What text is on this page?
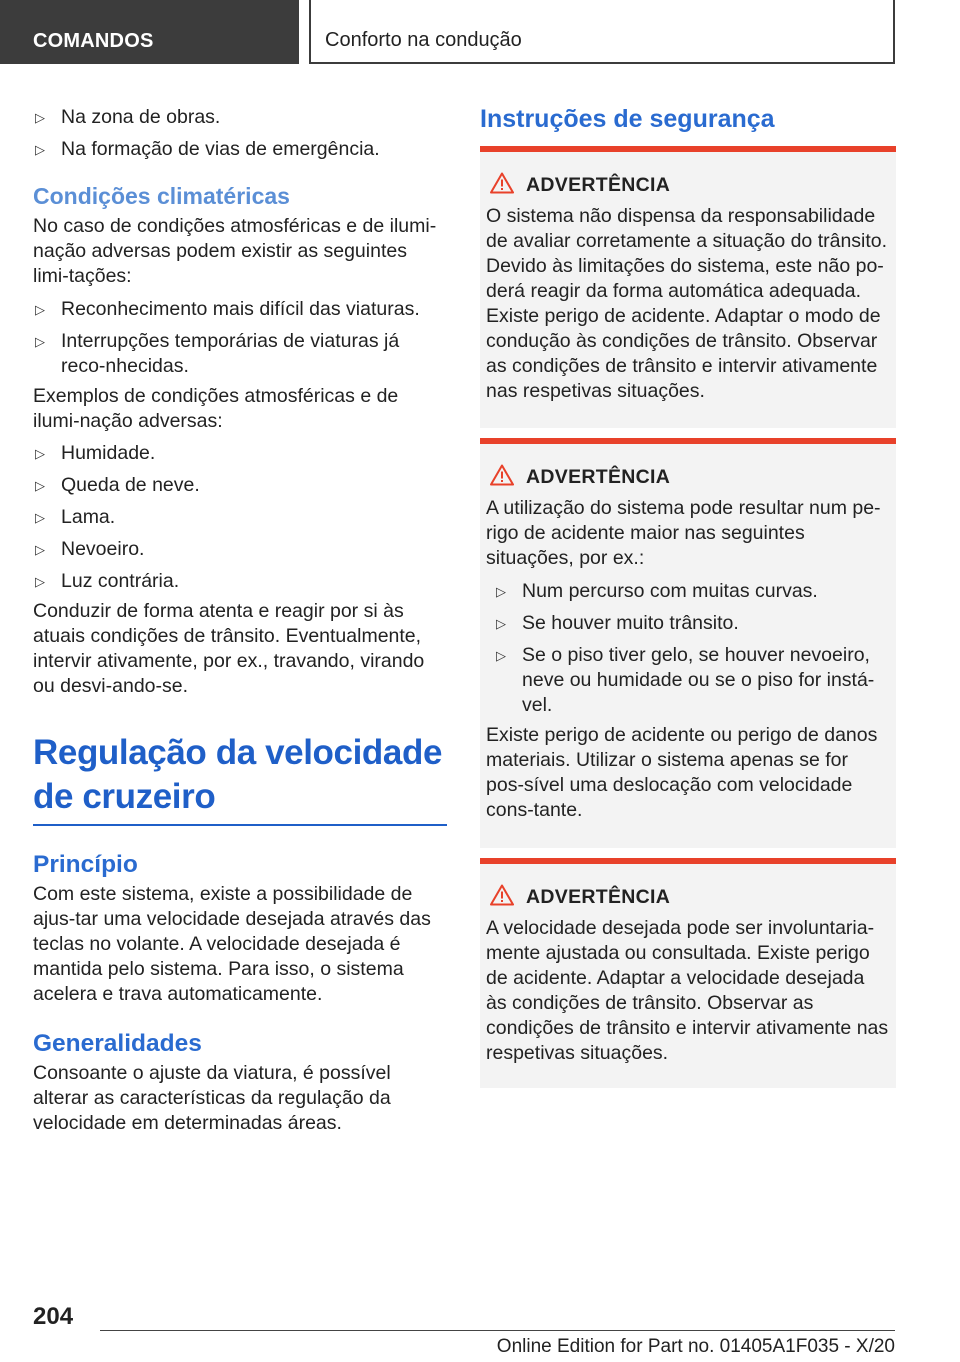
COMANDOS	Conforto na condução
▷ Na zona de obras.
▷ Na formação de vias de emergência.
Condições climatéricas

No caso de condições atmosféricas e de ilumi-nação adversas podem existir as seguintes limi-tações:

▷ Reconhecimento mais difícil das viaturas.
▷ Interrupções temporárias de viaturas já reco-nhecidas.

Exemplos de condições atmosféricas e de ilumi-nação adversas:

▷ Humidade.
▷ Queda de neve.
▷ Lama.
▷ Nevoeiro.
▷ Luz contrária.

Conduzir de forma atenta e reagir por si às atuais condições de trânsito. Eventualmente, intervir ativamente, por ex., travando, virando ou desvi-ando-se.

Regulação da velocidade
de cruzeiro
Princípio

Com este sistema, existe a possibilidade de ajus-tar uma velocidade desejada através das teclas no volante. A velocidade desejada é mantida pelo sistema. Para isso, o sistema acelera e trava automaticamente.

Generalidades

Consoante o ajuste da viatura, é possível alterar as características da regulação da velocidade em determinadas áreas.

Instruções de segurança
ADVERTÊNCIA

O sistema não dispensa da responsabilidade de avaliar corretamente a situação do trânsito. Devido às limitações do sistema, este não po-derá reagir da forma automática adequada. Existe perigo de acidente. Adaptar o modo de condução às condições de trânsito. Observar as condições de trânsito e intervir ativamente nas respetivas situações.

ADVERTÊNCIA

A utilização do sistema pode resultar num pe-rigo de acidente maior nas seguintes situações, por ex.:

▷ Num percurso com muitas curvas.
▷ Se houver muito trânsito.
▷ Se o piso tiver gelo, se houver nevoeiro, neve ou humidade ou se o piso for instá-vel.

Existe perigo de acidente ou perigo de danos materiais. Utilizar o sistema apenas se for pos-sível uma deslocação com velocidade cons-tante.

ADVERTÊNCIA

A velocidade desejada pode ser involuntaria-mente ajustada ou consultada. Existe perigo de acidente. Adaptar a velocidade desejada às condições de trânsito. Observar as condições de trânsito e intervir ativamente nas respetivas situações.

204
Online Edition for Part no. 01405A1F035 - X/20
